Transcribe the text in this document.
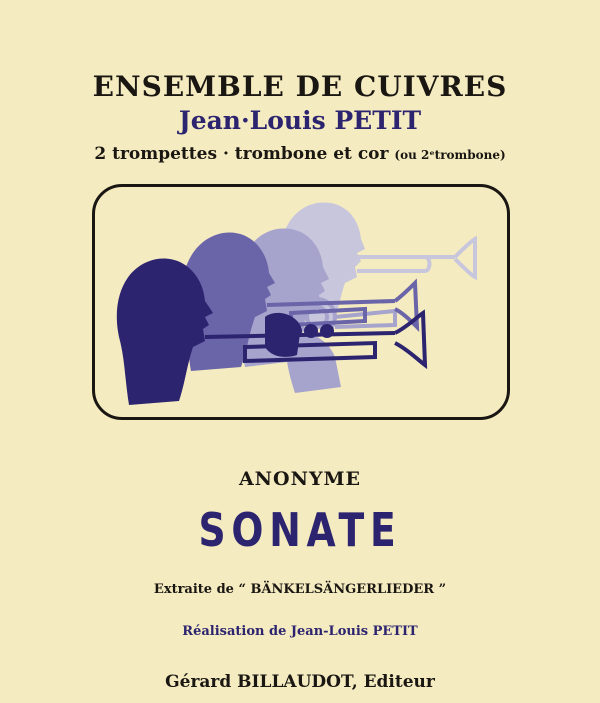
ENSEMBLE DE CUIVRES
Jean·Louis PETIT
2 trompettes · trombone et cor (ou 2ᵉtrombone)
ANONYME
SONATE
Extraite de “ BÄNKELSÄNGERLIEDER ”
Réalisation de Jean-Louis PETIT
Gérard BILLAUDOT, Editeur
